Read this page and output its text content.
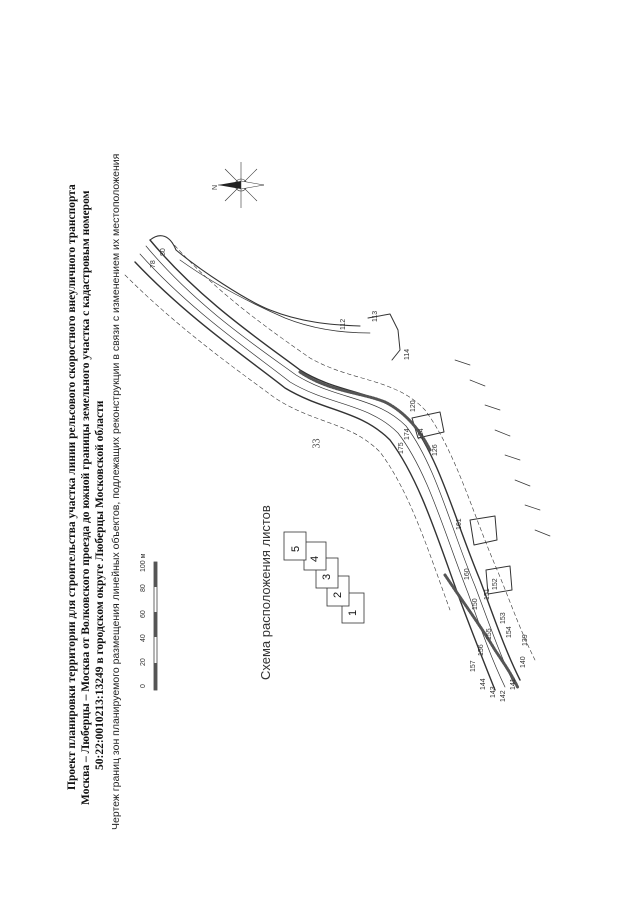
33
Проект планировки территории для строительства участка линии рельсового скоростного внеуличного транспорта Москва – Люберцы – Москва от Волковского проезда до южной границы земельного участка с кадастровым номером 50:22:0010213:13249 в городском округе Люберцы Московской области Чертеж границ зон планируемого размещения линейных объектов, подлежащих реконструкции в связи с изменением их местоположения	0
20
40
60
80
100 м	Схема расположения листов	1
2
3
4
5
N
78
80
112
113
114
120
124
126
161
174
175
139
140
141
142
143
144
150
151
152
153
154
155
156
157
160
